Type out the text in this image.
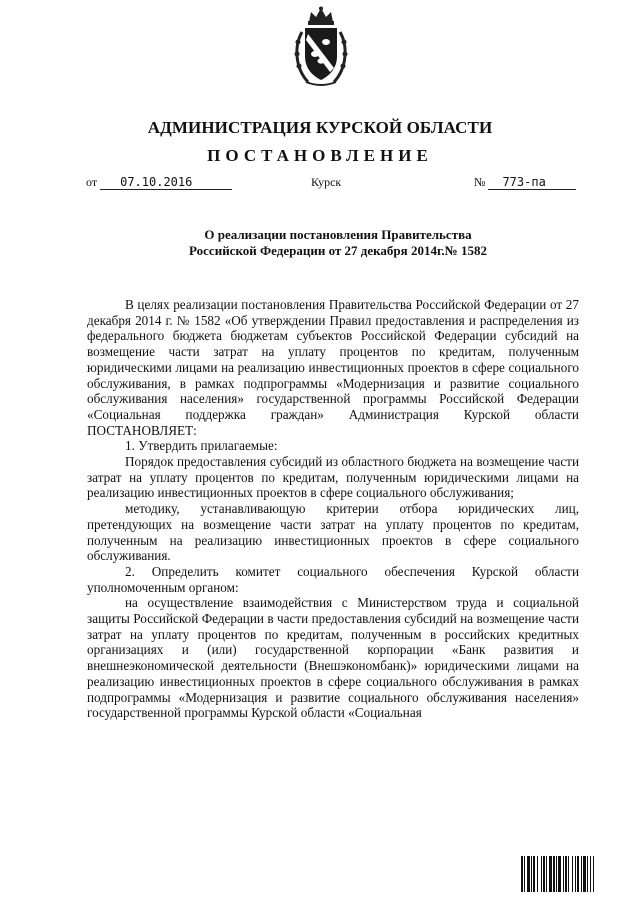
АДМИНИСТРАЦИЯ КУРСКОЙ ОБЛАСТИ
ПОСТАНОВЛЕНИЕ
от 07.10.2016	Курск	№ 773-па
О реализации постановления Правительства
Российской Федерации от 27 декабря 2014г.№ 1582

В целях реализации постановления Правительства Российской Федерации от 27 декабря 2014 г. № 1582 «Об утверждении Правил предоставления и распределения из федерального бюджета бюджетам субъектов Российской Федерации субсидий на возмещение части затрат на уплату процентов по кредитам, полученным юридическими лицами на реализацию инвестиционных проектов в сфере социального обслуживания, в рамках подпрограммы «Модернизация и развитие социального обслуживания населения» государственной программы Российской Федерации «Социальная поддержка граждан» Администрация Курской области ПОСТАНОВЛЯЕТ:

1. Утвердить прилагаемые:

Порядок предоставления субсидий из областного бюджета на возмещение части затрат на уплату процентов по кредитам, полученным юридическими лицами на реализацию инвестиционных проектов в сфере социального обслуживания;

методику, устанавливающую критерии отбора юридических лиц, претендующих на возмещение части затрат на уплату процентов по кредитам, полученным на реализацию инвестиционных проектов в сфере социального обслуживания.

2. Определить комитет социального обеспечения Курской области уполномоченным органом:

на осуществление взаимодействия с Министерством труда и социальной защиты Российской Федерации в части предоставления субсидий на возмещение части затрат на уплату процентов по кредитам, полученным в российских кредитных организациях и (или) государственной корпорации «Банк развития и внешнеэкономической деятельности (Внешэкономбанк)» юридическими лицами на реализацию инвестиционных проектов в сфере социального обслуживания в рамках подпрограммы «Модернизация и развитие социального обслуживания населения» государственной программы Курской области «Социальная
